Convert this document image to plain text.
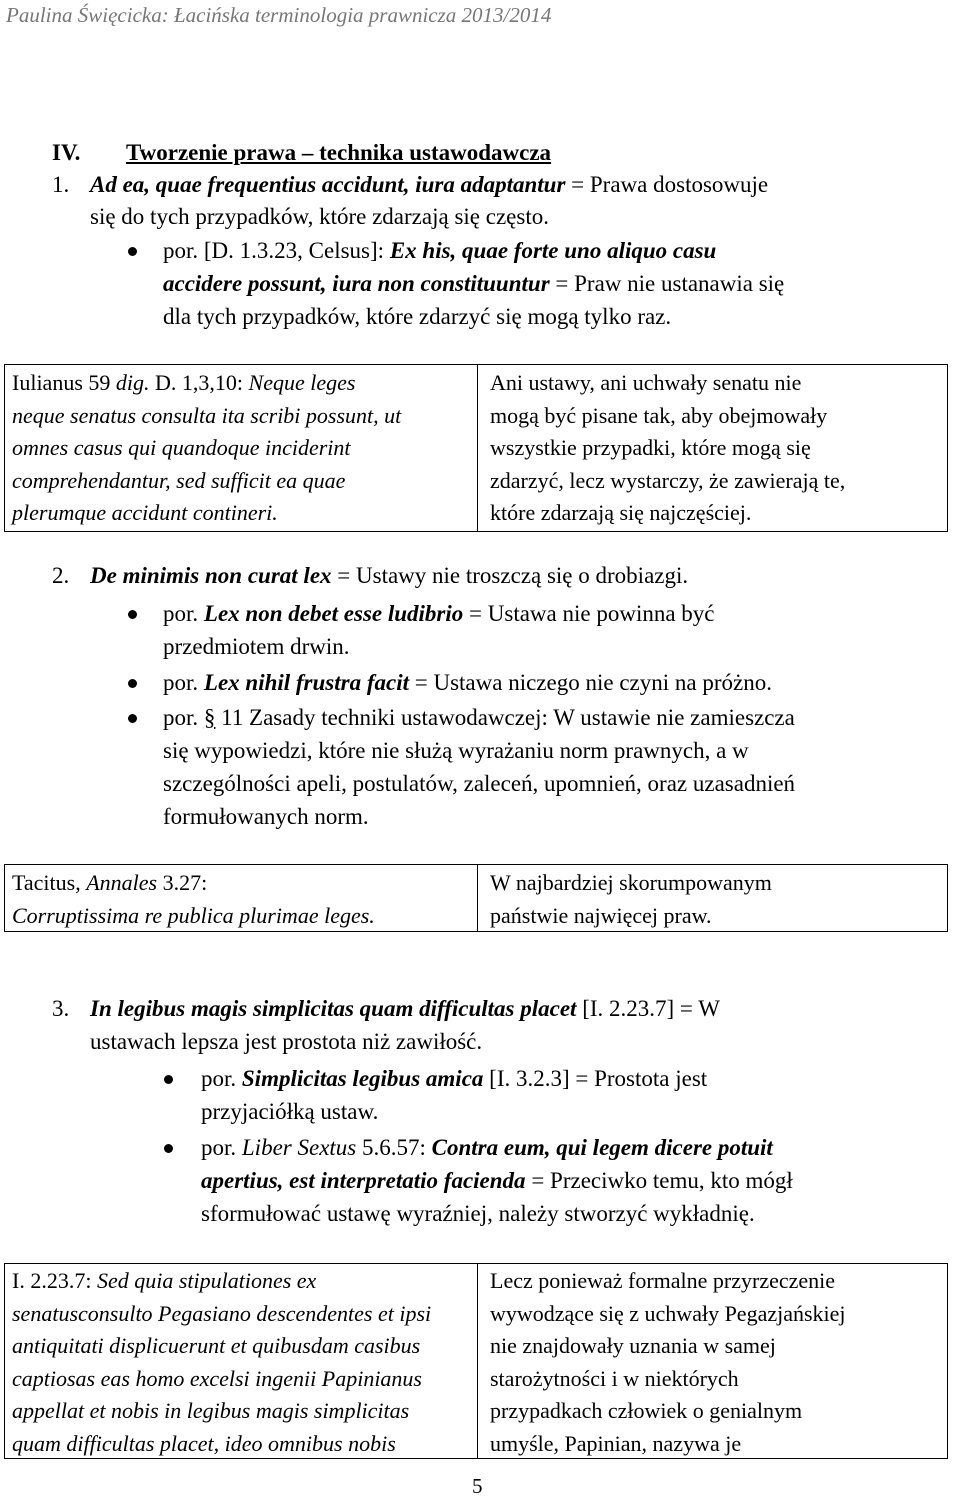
Paulina Święcicka: Łacińska terminologia prawnicza 2013/2014
IV. Tworzenie prawa – technika ustawodawcza
1. Ad ea, quae frequentius accidunt, iura adaptantur = Prawa dostosowuje
się do tych przypadków, które zdarzają się często.
por. [D. 1.3.23, Celsus]: Ex his, quae forte uno aliquo casu
accidere possunt, iura non constituuntur = Praw nie ustanawia się
dla tych przypadków, które zdarzyć się mogą tylko raz.
Iulianus 59 dig. D. 1,3,10: Neque leges
neque senatus consulta ita scribi possunt, ut
omnes casus qui quandoque inciderint
comprehendantur, sed sufficit ea quae
plerumque accidunt contineri.
Ani ustawy, ani uchwały senatu nie
mogą być pisane tak, aby obejmowały
wszystkie przypadki, które mogą się
zdarzyć, lecz wystarczy, że zawierają te,
które zdarzają się najczęściej.
2. De minimis non curat lex = Ustawy nie troszczą się o drobiazgi.
por. Lex non debet esse ludibrio = Ustawa nie powinna być
przedmiotem drwin.
por. Lex nihil frustra facit = Ustawa niczego nie czyni na próżno.
por. § 11 Zasady techniki ustawodawczej: W ustawie nie zamieszcza
się wypowiedzi, które nie służą wyrażaniu norm prawnych, a w
szczególności apeli, postulatów, zaleceń, upomnień, oraz uzasadnień
formułowanych norm.
Tacitus, Annales 3.27:
Corruptissima re publica plurimae leges.
W najbardziej skorumpowanym
państwie najwięcej praw.
3. In legibus magis simplicitas quam difficultas placet [I. 2.23.7] = W
ustawach lepsza jest prostota niż zawiłość.
por. Simplicitas legibus amica [I. 3.2.3] = Prostota jest
przyjaciółką ustaw.
por. Liber Sextus 5.6.57: Contra eum, qui legem dicere potuit
apertius, est interpretatio facienda = Przeciwko temu, kto mógł
sformułować ustawę wyraźniej, należy stworzyć wykładnię.
I. 2.23.7: Sed quia stipulationes ex
senatusconsulto Pegasiano descendentes et ipsi
antiquitati displicuerunt et quibusdam casibus
captiosas eas homo excelsi ingenii Papinianus
appellat et nobis in legibus magis simplicitas
quam difficultas placet, ideo omnibus nobis
Lecz ponieważ formalne przyrzeczenie
wywodzące się z uchwały Pegazjańskiej
nie znajdowały uznania w samej
starożytności i w niektórych
przypadkach człowiek o genialnym
umyśle, Papinian, nazywa je
5
